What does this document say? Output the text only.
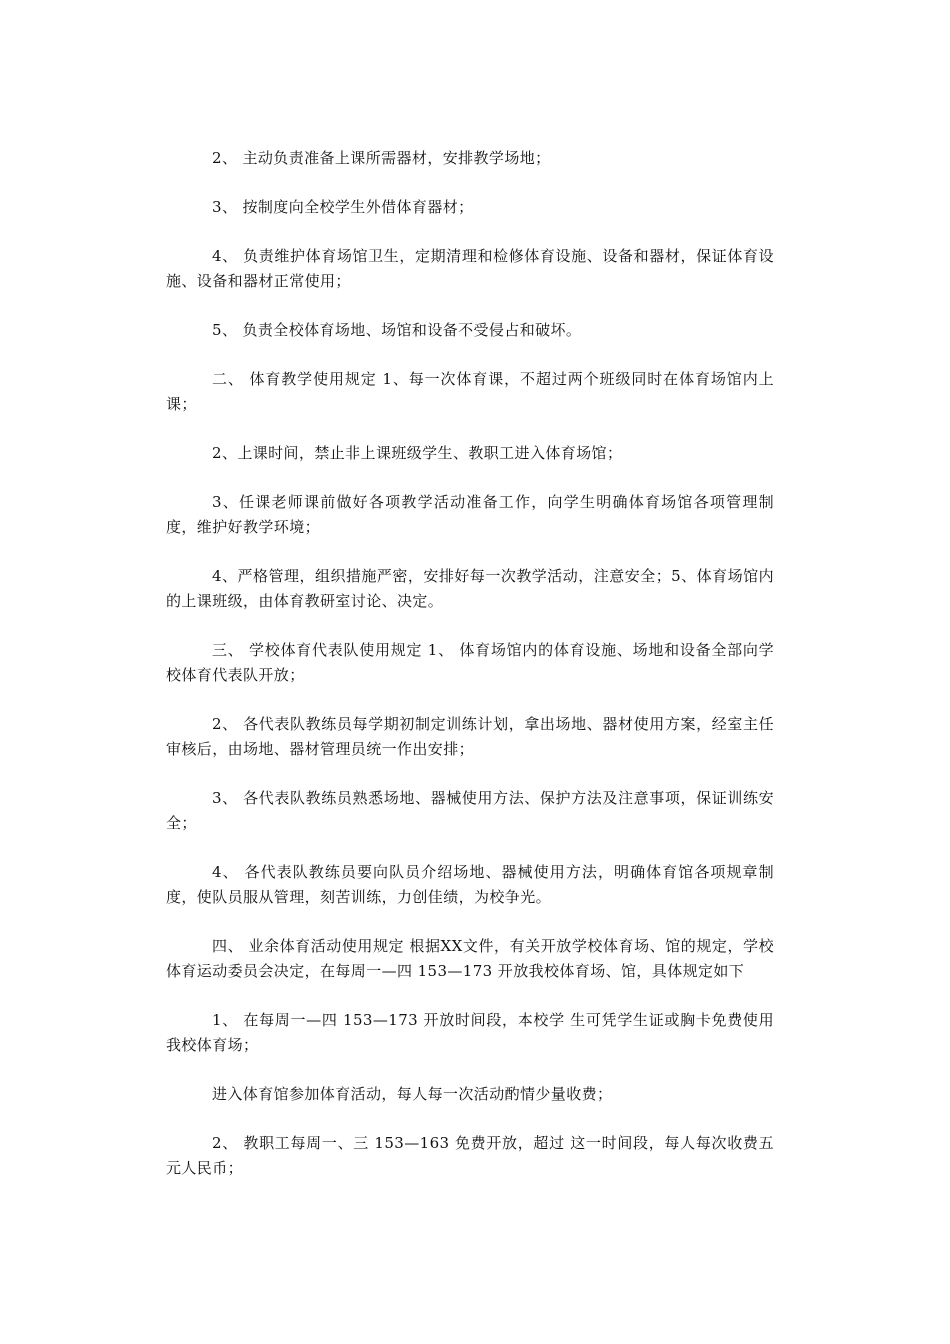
2、 主动负责准备上课所需器材，安排教学场地；

3、 按制度向全校学生外借体育器材；

4、 负责维护体育场馆卫生，定期清理和检修体育设施、设备和器材，保证体育设施、设备和器材正常使用；

5、 负责全校体育场地、场馆和设备不受侵占和破坏。

二、 体育教学使用规定 1、每一次体育课，不超过两个班级同时在体育场馆内上课；

2、上课时间，禁止非上课班级学生、教职工进入体育场馆；

3、任课老师课前做好各项教学活动准备工作，向学生明确体育场馆各项管理制度，维护好教学环境；

4、严格管理，组织措施严密，安排好每一次教学活动，注意安全；5、体育场馆内的上课班级，由体育教研室讨论、决定。

三、 学校体育代表队使用规定 1、 体育场馆内的体育设施、场地和设备全部向学校体育代表队开放；

2、 各代表队教练员每学期初制定训练计划，拿出场地、器材使用方案，经室主任审核后，由场地、器材管理员统一作出安排；

3、 各代表队教练员熟悉场地、器械使用方法、保护方法及注意事项，保证训练安全；

4、 各代表队教练员要向队员介绍场地、器械使用方法，明确体育馆各项规章制度，使队员服从管理，刻苦训练，力创佳绩，为校争光。

四、 业余体育活动使用规定 根据XX文件，有关开放学校体育场、馆的规定，学校体育运动委员会决定，在每周一—四 153—173 开放我校体育场、馆，具体规定如下

1、 在每周一—四 153—173 开放时间段，本校学 生可凭学生证或胸卡免费使用我校体育场；

进入体育馆参加体育活动，每人每一次活动酌情少量收费；

2、 教职工每周一、三 153—163 免费开放，超过 这一时间段，每人每次收费五元人民币；
